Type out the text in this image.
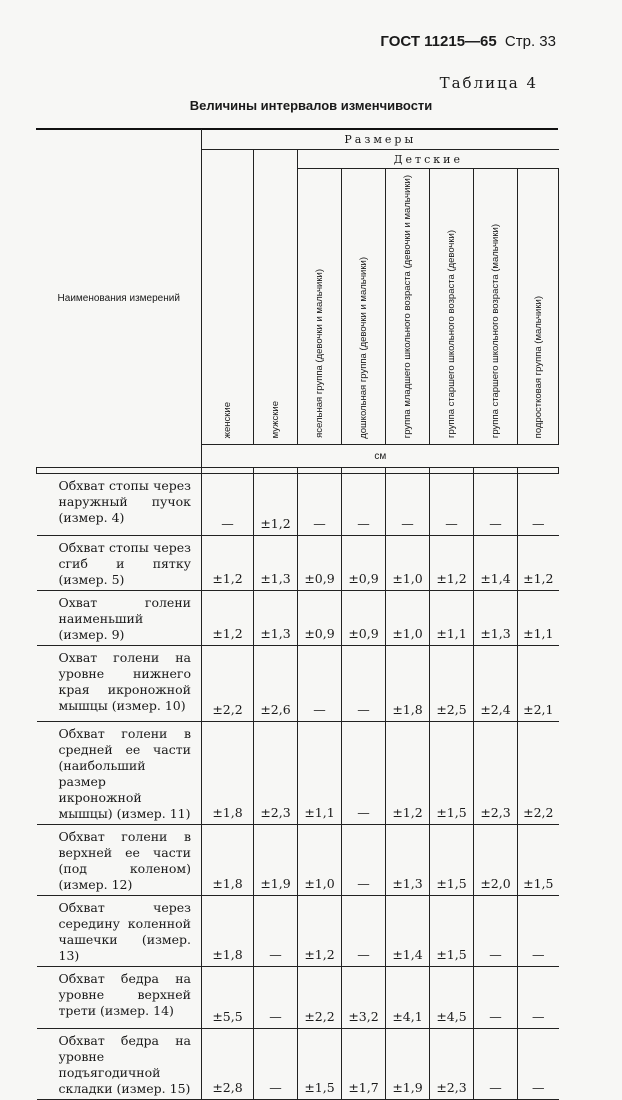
ГОСТ 11215—65 Стр. 33
Таблица 4
Величины интервалов изменчивости
Наименования измерений	Размеры							

	женские	мужские	Детские					

			ясельная группа (девочки и мальчики)	дошкольная группа (девочки и мальчики)	группа младшего школьного возраста (девочки и мальчики)	группа старшего школьного возраста (девочки)	группа старшего школьного возраста (мальчики)	подростковая группа (мальчики)

	см							

Обхват стопы через наружный пучок (измер. 4)	—	±1,2	—	—	—	—	—	—

Обхват стопы через сгиб и пятку (измер. 5)	±1,2	±1,3	±0,9	±0,9	±1,0	±1,2	±1,4	±1,2

Охват голени наименьший (измер. 9)	±1,2	±1,3	±0,9	±0,9	±1,0	±1,1	±1,3	±1,1

Охват голени на уровне нижнего края икроножной мышцы (измер. 10)	±2,2	±2,6	—	—	±1,8	±2,5	±2,4	±2,1

Обхват голени в средней ее части (наибольший размер икроножной мышцы) (измер. 11)	±1,8	±2,3	±1,1	—	±1,2	±1,5	±2,3	±2,2

Обхват голени в верхней ее части (под коленом) (измер. 12)	±1,8	±1,9	±1,0	—	±1,3	±1,5	±2,0	±1,5

Обхват через середину коленной чашечки (измер. 13)	±1,8	—	±1,2	—	±1,4	±1,5	—	—

Обхват бедра на уровне верхней трети (измер. 14)	±5,5	—	±2,2	±3,2	±4,1	±4,5	—	—

Обхват бедра на уровне подъягодичной складки (измер. 15)	±2,8	—	±1,5	±1,7	±1,9	±2,3	—	—
